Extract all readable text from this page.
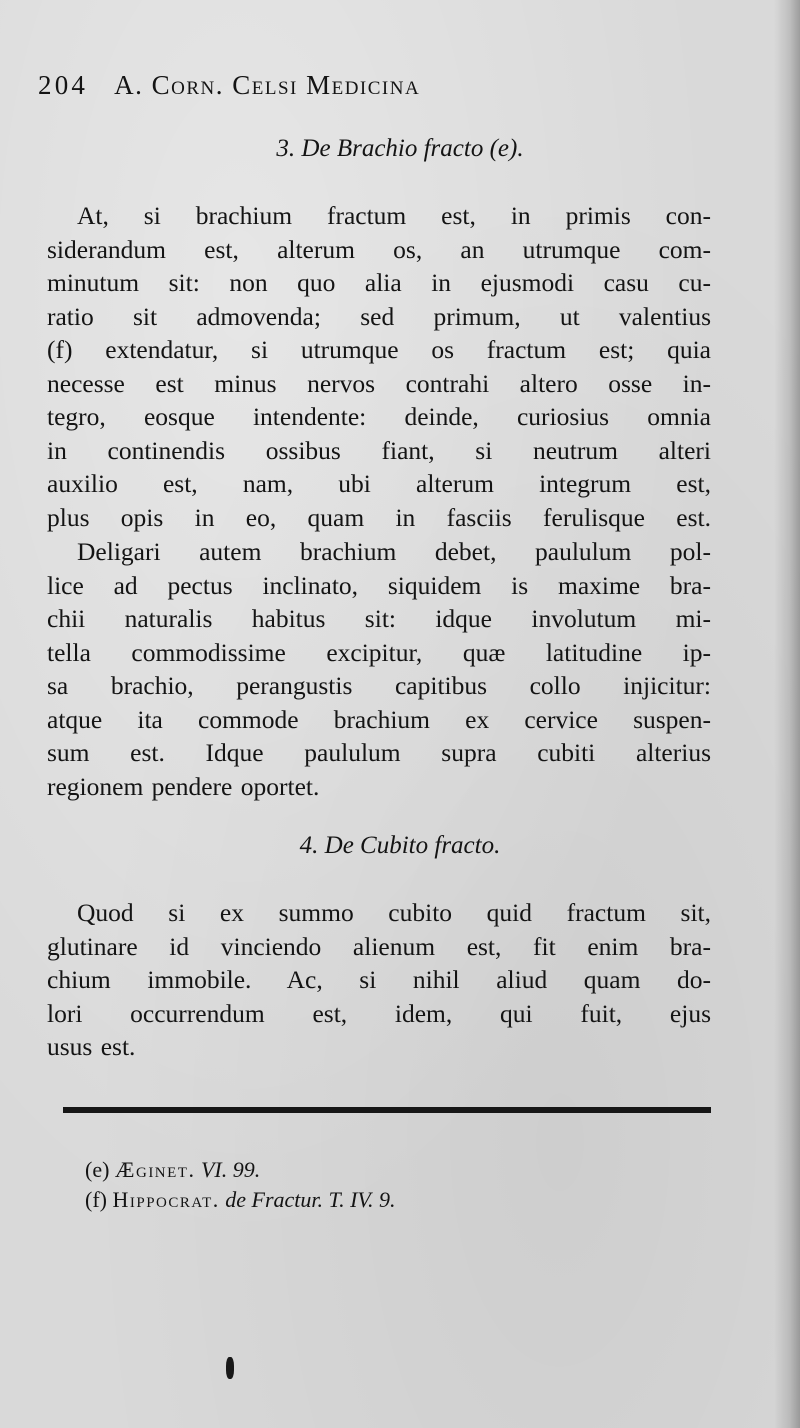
204 A. Corn. Celsi Medicina
3. De Brachio fracto (e).
At, si brachium fractum est, in primis con-
siderandum est, alterum os, an utrumque com-
minutum sit: non quo alia in ejusmodi casu cu-
ratio sit admovenda; sed primum, ut valentius
(f) extendatur, si utrumque os fractum est; quia
necesse est minus nervos contrahi altero osse in-
tegro, eosque intendente: deinde, curiosius omnia
in continendis ossibus fiant, si neutrum alteri
auxilio est, nam, ubi alterum integrum est,
plus opis in eo, quam in fasciis ferulisque est.
Deligari autem brachium debet, paululum pol-
lice ad pectus inclinato, siquidem is maxime bra-
chii naturalis habitus sit: idque involutum mi-
tella commodissime excipitur, quæ latitudine ip-
sa brachio, perangustis capitibus collo injicitur:
atque ita commode brachium ex cervice suspen-
sum est. Idque paululum supra cubiti alterius
regionem pendere oportet.
4. De Cubito fracto.
Quod si ex summo cubito quid fractum sit,
glutinare id vinciendo alienum est, fit enim bra-
chium immobile. Ac, si nihil aliud quam do-
lori occurrendum est, idem, qui fuit, ejus
usus est.
(e) Æginet. VI. 99.
(f) Hippocrat. de Fractur. T. IV. 9.
